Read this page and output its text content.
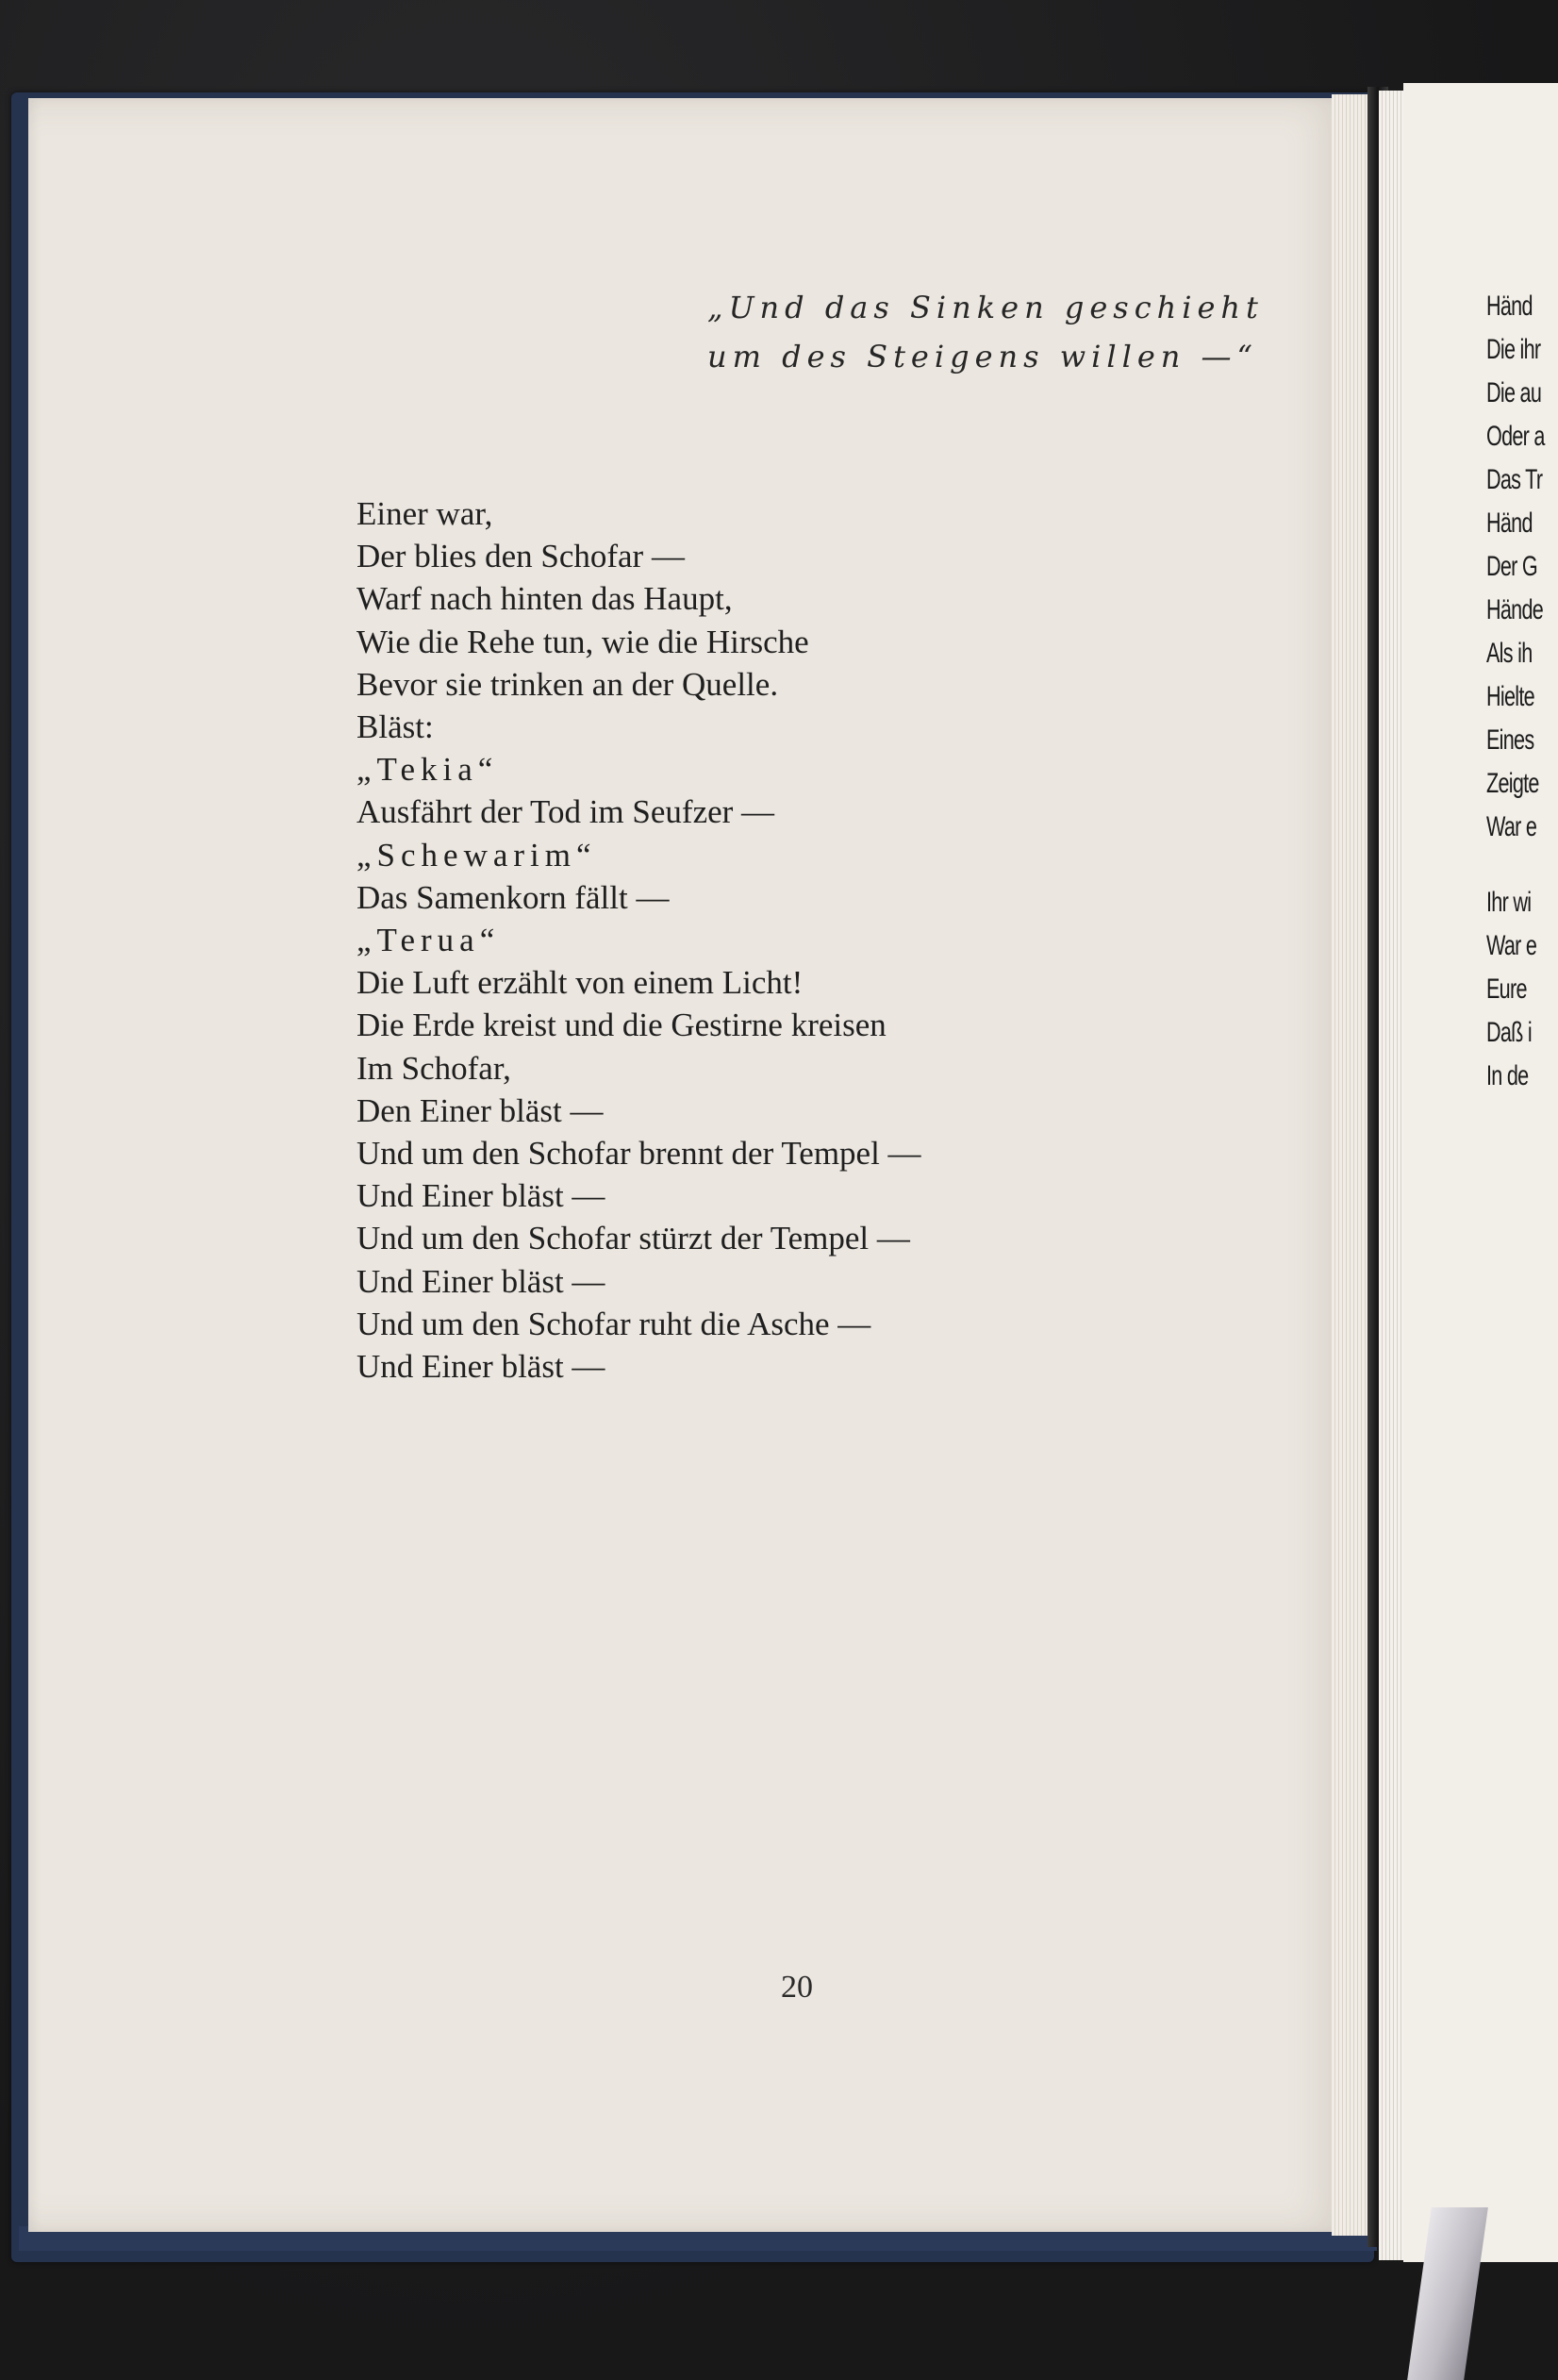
Händ
Die ihr
Die au
Oder a
Das Tr
Händ
Der G
Hände
Als ih
Hielte
Eines
Zeigte
War e
Ihr wi
War e
Eure
Daß i
In de
„Und das Sinken geschieht
um des Steigens willen —“
Einer war,
Der blies den Schofar —
Warf nach hinten das Haupt,
Wie die Rehe tun, wie die Hirsche
Bevor sie trinken an der Quelle.
Bläst:
„Tekia“
Ausfährt der Tod im Seufzer —
„Schewarim“
Das Samenkorn fällt —
„Terua“
Die Luft erzählt von einem Licht!
Die Erde kreist und die Gestirne kreisen
Im Schofar,
Den Einer bläst —
Und um den Schofar brennt der Tempel —
Und Einer bläst —
Und um den Schofar stürzt der Tempel —
Und Einer bläst —
Und um den Schofar ruht die Asche —
Und Einer bläst —
20
